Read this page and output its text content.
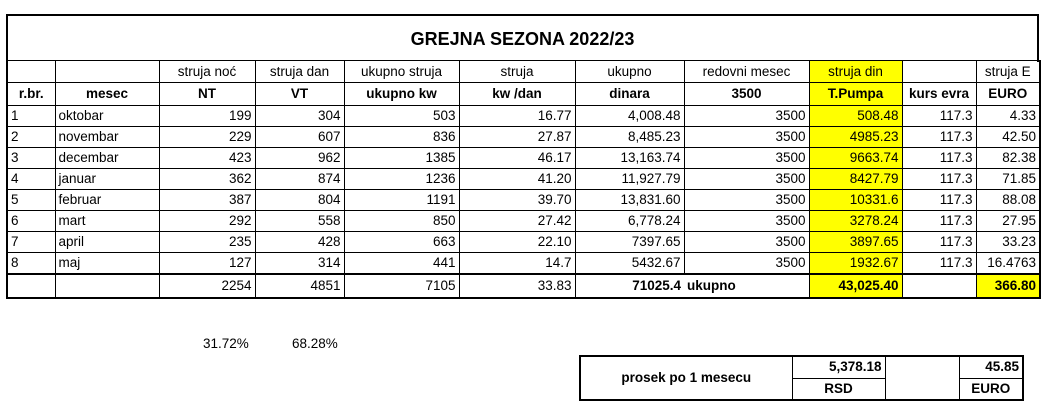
GREJNA SEZONA 2022/23
		struja noć	struja dan	ukupno struja	struja	ukupno	redovni mesec	struja din		struja E
r.br.	mesec	NT	VT	ukupno kw	kw /dan	dinara	3500	T.Pumpa	kurs evra	EURO
1	oktobar	199	304	503	16.77	4,008.48	3500	508.48	117.3	4.33
2	novembar	229	607	836	27.87	8,485.23	3500	4985.23	117.3	42.50
3	decembar	423	962	1385	46.17	13,163.74	3500	9663.74	117.3	82.38
4	januar	362	874	1236	41.20	11,927.79	3500	8427.79	117.3	71.85
5	februar	387	804	1191	39.70	13,831.60	3500	10331.6	117.3	88.08
6	mart	292	558	850	27.42	6,778.24	3500	3278.24	117.3	27.95
7	april	235	428	663	22.10	7397.65	3500	3897.65	117.3	33.23
8	maj	127	314	441	14.7	5432.67	3500	1932.67	117.3	16.4763
		2254	4851	7105	33.83	71025.4	ukupno	43,025.40		366.80
31.72%	68.28%
prosek po 1 mesecu	5,378.18		45.85
	RSD		EURO
